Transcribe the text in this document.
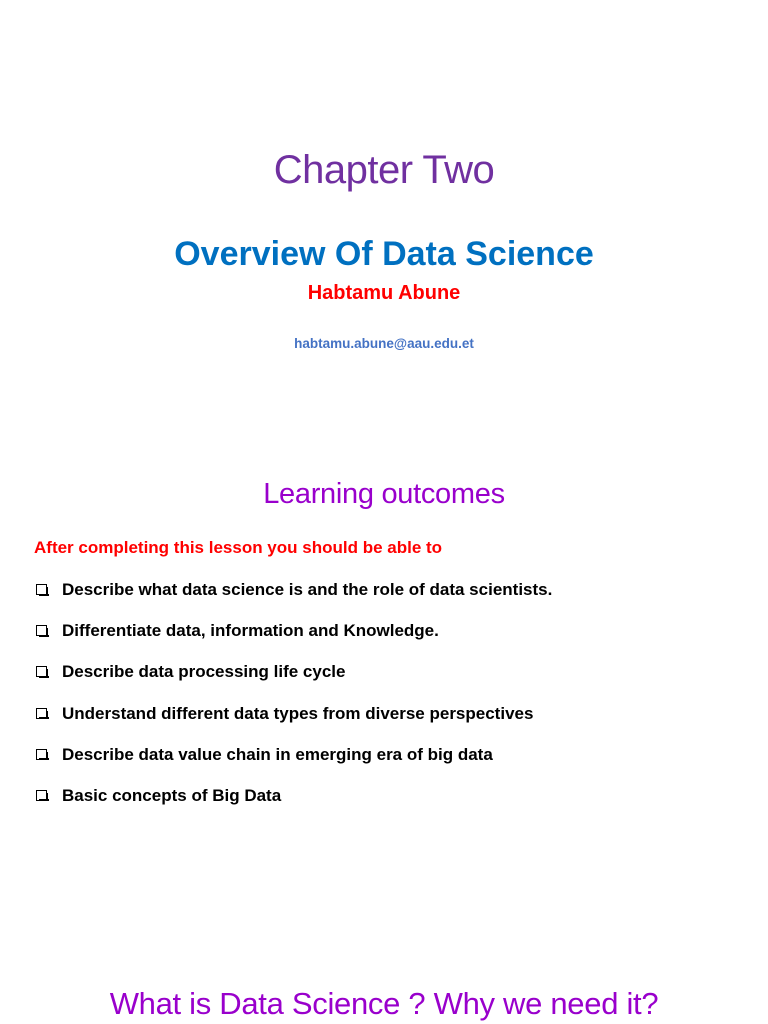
Chapter Two
Overview Of Data Science
Habtamu Abune
habtamu.abune@aau.edu.et
Learning outcomes
After completing this lesson you should be able to
Describe what data science is and the role of data scientists.
Differentiate data, information and Knowledge.
Describe data processing life cycle
Understand different data types from diverse perspectives
Describe data value chain in emerging era of big data
Basic concepts of Big Data
What is Data Science ? Why we need it?
